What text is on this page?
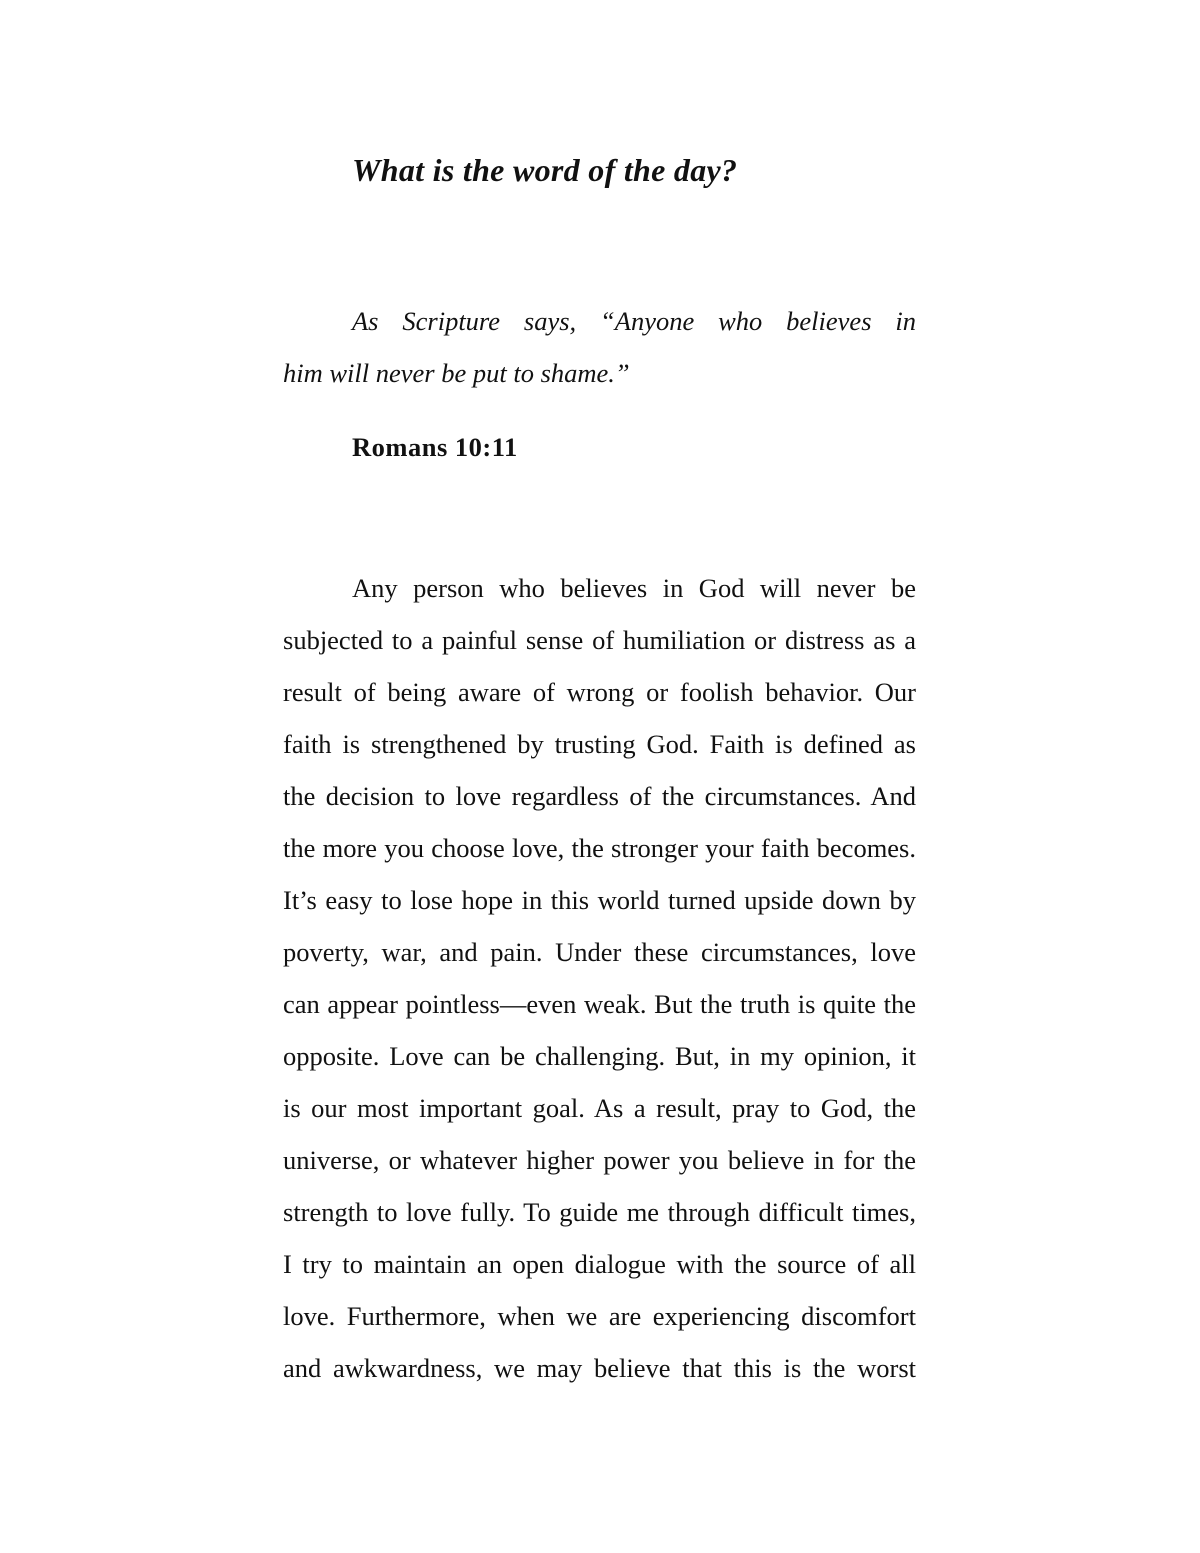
What is the word of the day?
As Scripture says, “Anyone who believes in
him will never be put to shame.”
Romans 10:11
Any person who believes in God will never be
subjected to a painful sense of humiliation or distress as a
result of being aware of wrong or foolish behavior. Our
faith is strengthened by trusting God. Faith is defined as
the decision to love regardless of the circumstances. And
the more you choose love, the stronger your faith becomes.
It’s easy to lose hope in this world turned upside down by
poverty, war, and pain. Under these circumstances, love
can appear pointless—even weak. But the truth is quite the
opposite. Love can be challenging. But, in my opinion, it
is our most important goal. As a result, pray to God, the
universe, or whatever higher power you believe in for the
strength to love fully. To guide me through difficult times,
I try to maintain an open dialogue with the source of all
love. Furthermore, when we are experiencing discomfort
and awkwardness, we may believe that this is the worst
